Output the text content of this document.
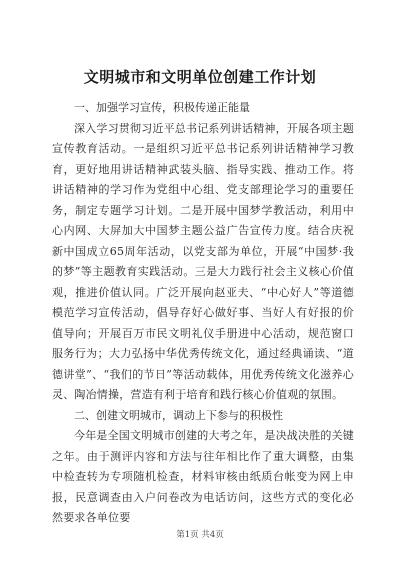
文明城市和文明单位创建工作计划

一、加强学习宣传，积极传递正能量

深入学习贯彻习近平总书记系列讲话精神，开展各项主题宣传教育活动。一是组织习近平总书记系列讲话精神学习教育，更好地用讲话精神武装头脑、指导实践、推动工作。将讲话精神的学习作为党组中心组、党支部理论学习的重要任务，制定专题学习计划。二是开展中国梦学教活动，利用中心内网、大屏加大中国梦主题公益广告宣传力度。结合庆祝新中国成立65周年活动，以党支部为单位，开展“中国梦·我的梦”等主题教育实践活动。三是大力践行社会主义核心价值观，推进价值认同。广泛开展向赵亚夫、“中心好人”等道德模范学习宣传活动，倡导存好心做好事、当好人有好报的价值导向；开展百万市民文明礼仪手册进中心活动，规范窗口服务行为；大力弘扬中华优秀传统文化，通过经典诵读、“道德讲堂”、“我们的节日”等活动载体，用优秀传统文化滋养心灵、陶冶情操，营造有利于培育和践行核心价值观的氛围。

二、创建文明城市，调动上下参与的积极性

今年是全国文明城市创建的大考之年，是决战决胜的关键之年。由于测评内容和方法与往年相比作了重大调整，由集中检查转为专项随机检查，材料审核由纸质台帐变为网上申报，民意调查由入户问卷改为电话访问，这些方式的变化必然要求各单位要

第1页 共4页
